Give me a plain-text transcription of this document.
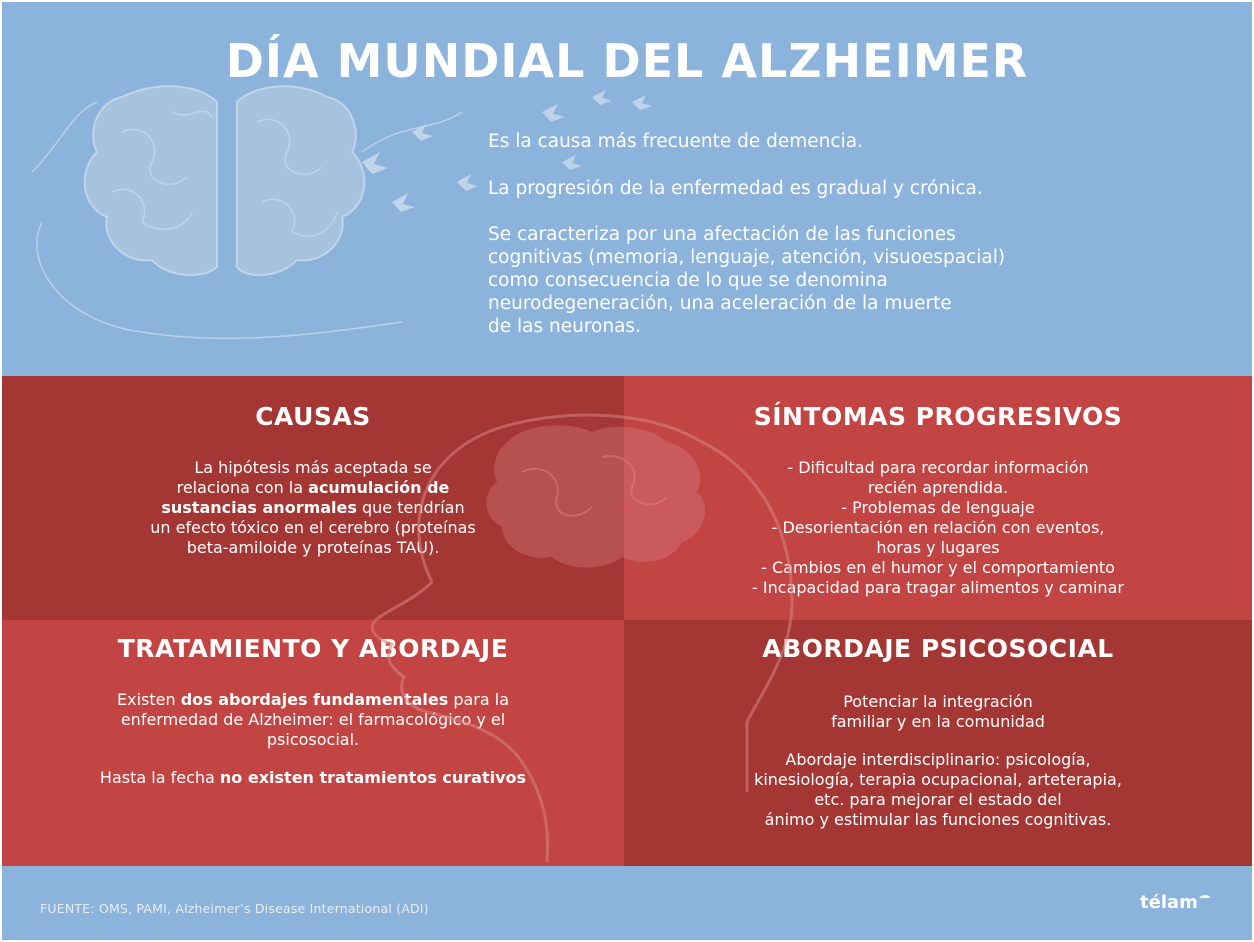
DÍA MUNDIAL DEL ALZHEIMER
Es la causa más frecuente de demencia.
La progresión de la enfermedad es gradual y crónica.
Se caracteriza por una afectación de las funciones
cognitivas (memoria, lenguaje, atención, visuoespacial)
como consecuencia de lo que se denomina
neurodegeneración, una aceleración de la muerte
de las neuronas.
CAUSAS
La hipótesis más aceptada se
relaciona con la acumulación de
sustancias anormales que tendrían
un efecto tóxico en el cerebro (proteínas
beta-amiloide y proteínas TAU).
SÍNTOMAS PROGRESIVOS
- Dificultad para recordar información
recién aprendida.
- Problemas de lenguaje
- Desorientación en relación con eventos,
horas y lugares
- Cambios en el humor y el comportamiento
- Incapacidad para tragar alimentos y caminar
TRATAMIENTO Y ABORDAJE
Existen dos abordajes fundamentales para la
enfermedad de Alzheimer: el farmacológico y el
psicosocial.
Hasta la fecha no existen tratamientos curativos
ABORDAJE PSICOSOCIAL
Potenciar la integración
familiar y en la comunidad
Abordaje interdisciplinario: psicología,
kinesiología, terapia ocupacional, arteterapia,
etc. para mejorar el estado del
ánimo y estimular las funciones cognitivas.
FUENTE: OMS, PAMI, Alzheimer’s Disease International (ADI)	télam
